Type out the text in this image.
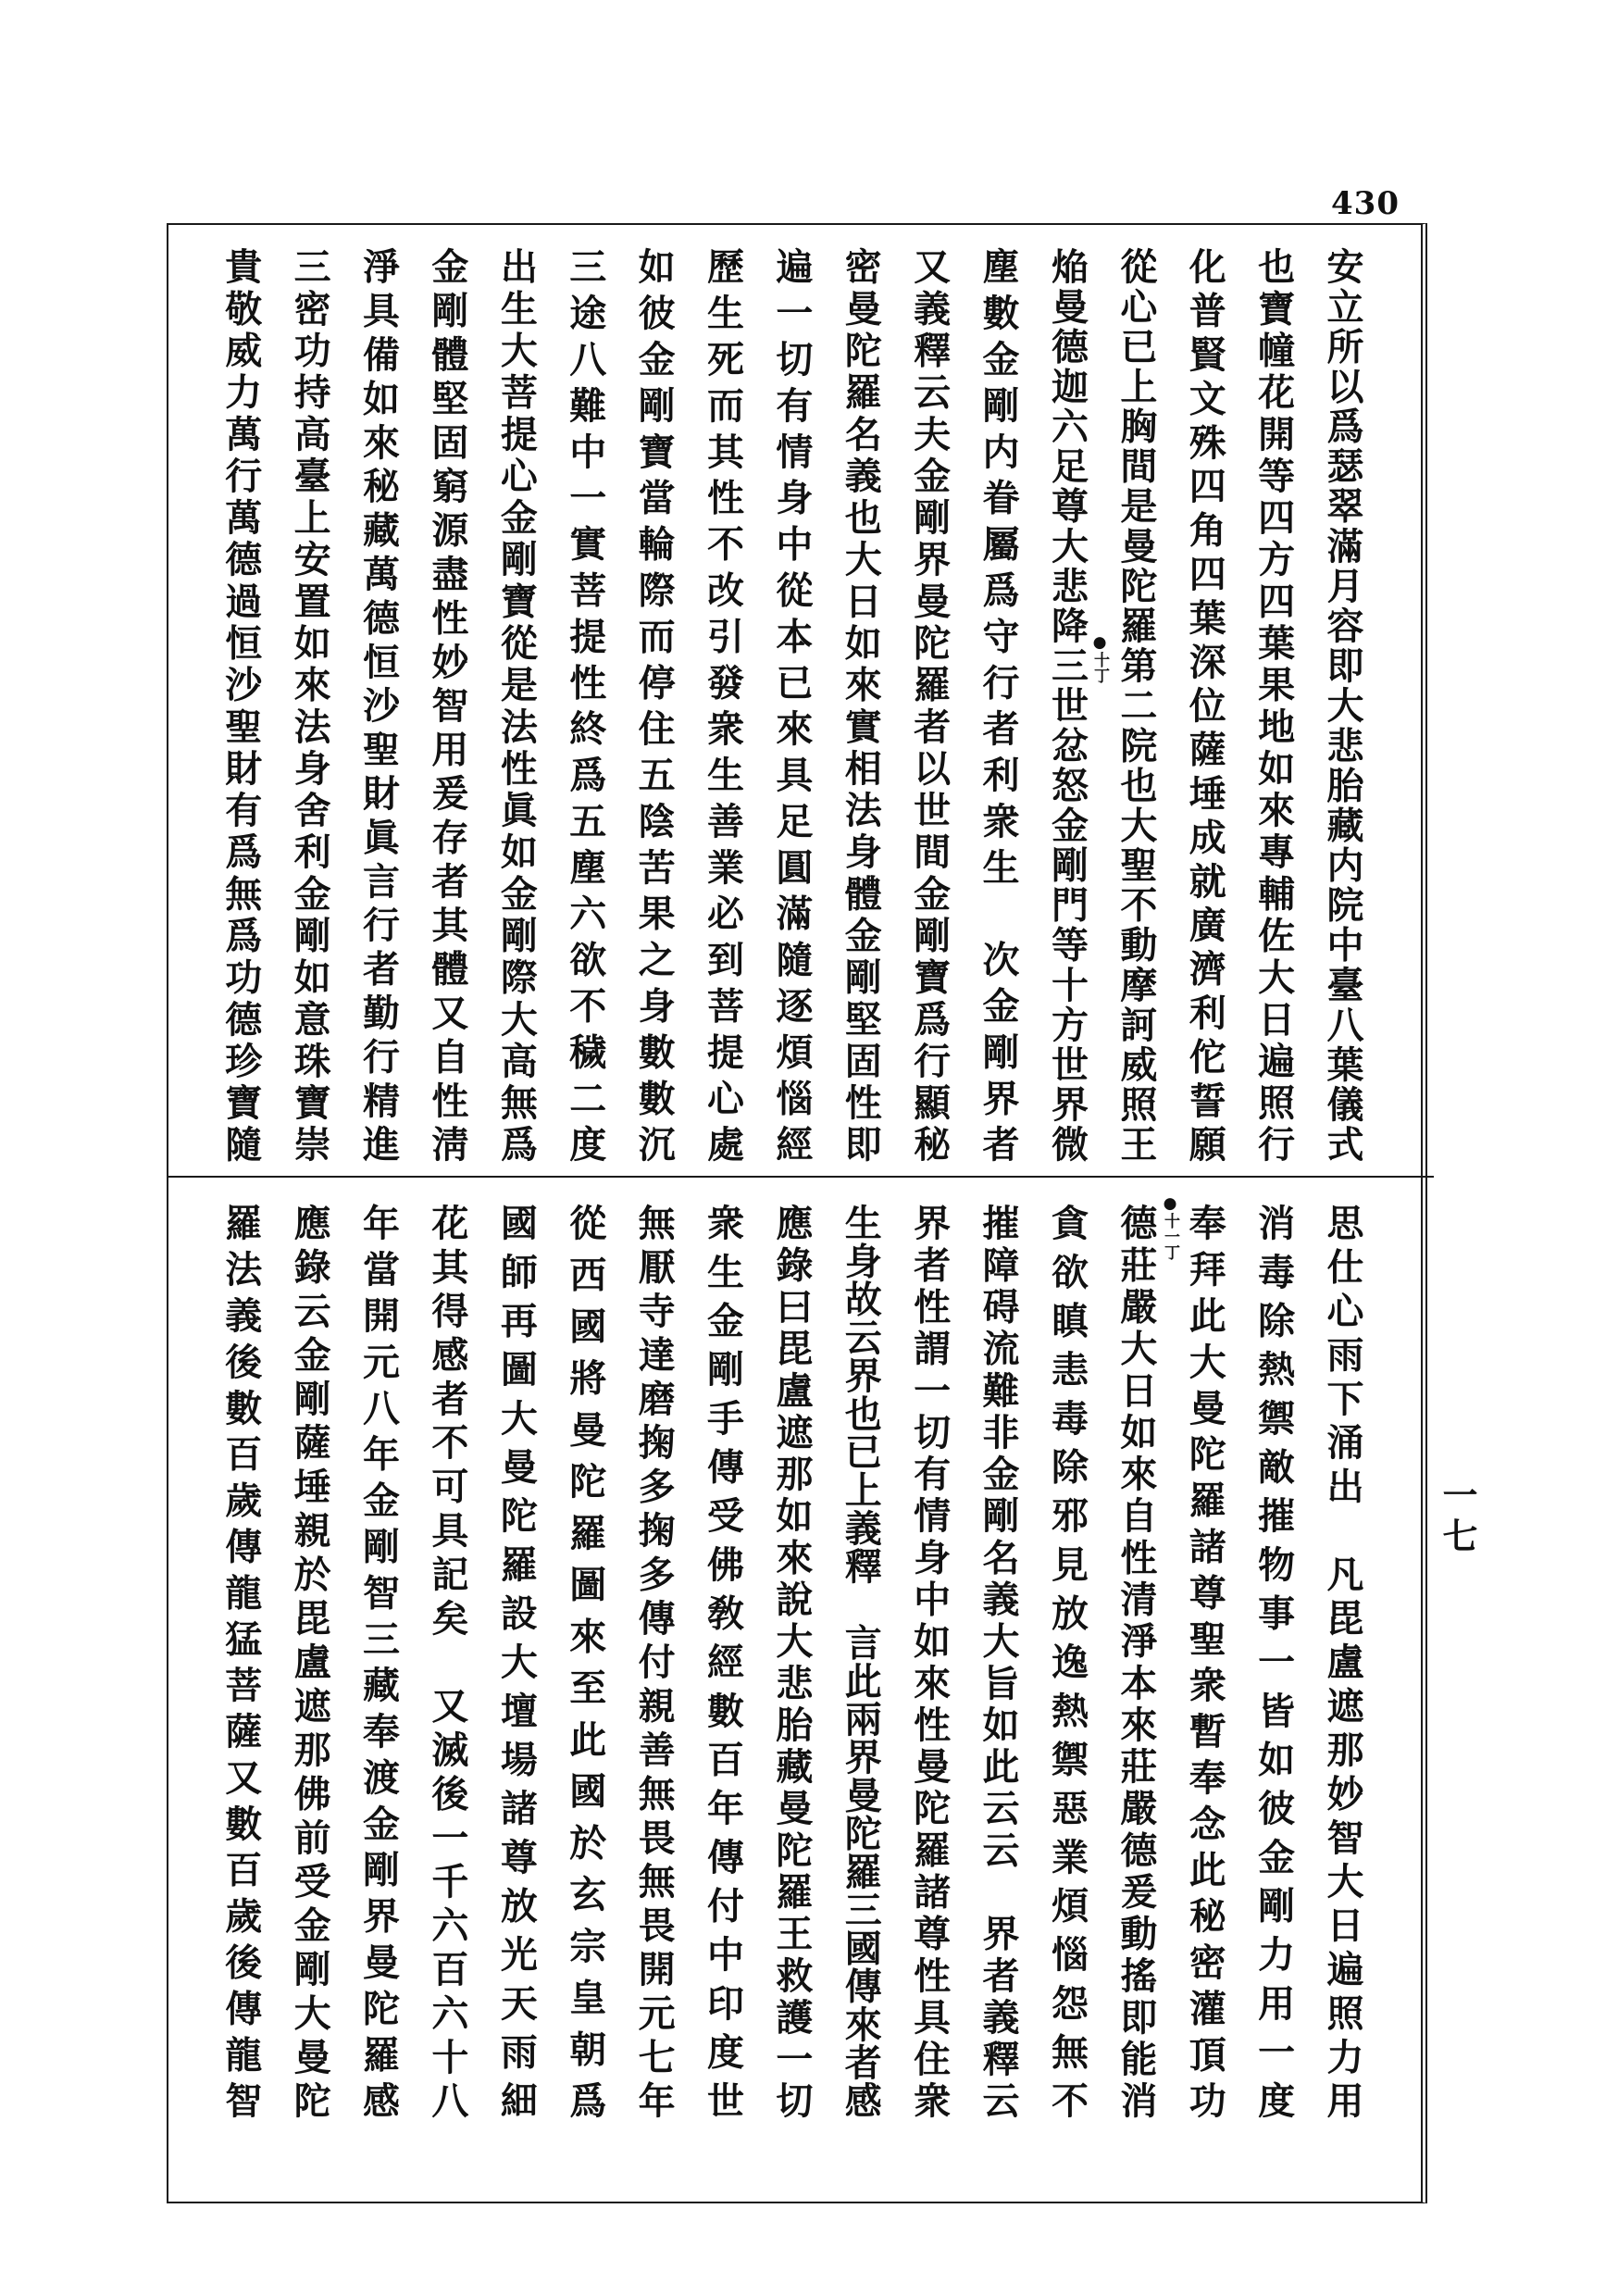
430
安立所以爲瑟翠滿月容即大悲胎藏内院中臺八葉儀式
也寶幢花開等四方四葉果地如來專輔佐大日遍照行
化普賢文殊四角四葉深位薩埵成就廣濟利佗誓願
從心已上胸間是曼陀羅第二院也大聖不動摩訶威照王
焔曼德迦六足尊大悲降三世忿怒金剛門等十方世界微
塵數金剛内眷屬爲守行者利衆生　次金剛界者
又義釋云夫金剛界曼陀羅者以世間金剛寶爲行顯秘
密曼陀羅名義也大日如來實相法身體金剛堅固性即
遍一切有情身中從本已來具足圓滿隨逐煩惱經
歷生死而其性不改引發衆生善業必到菩提心處
如彼金剛寶當輪際而停住五陰苦果之身數數沉
三途八難中一實菩提性終爲五塵六欲不穢二度
出生大菩提心金剛寶從是法性眞如金剛際大高無爲
金剛體堅固窮源盡性妙智用爰存者其體又自性淸
淨具備如來秘藏萬德恒沙聖財眞言行者勤行精進
三密功持高臺上安置如來法身舍利金剛如意珠寶崇
貴敬威力萬行萬德過恒沙聖財有爲無爲功德珍寶隨	●十丁
思仕心雨下涌出　凡毘盧遮那妙智大日遍照力用
消毒除熱禦敵摧物事一皆如彼金剛力用一度
奉拜此大曼陀羅諸尊聖衆暫奉念此秘密灌頂功
德莊嚴大日如來自性清淨本來莊嚴德爰動搖即能消
貪欲瞋恚毒除邪見放逸熱禦惡業煩惱怨無不
摧障碍流難非金剛名義大旨如此云云　界者義釋云
界者性謂一切有情身中如來性曼陀羅諸尊性具住衆
生身故云界也已上義釋　言此兩界曼陀羅三國傳來者感
應錄曰毘盧遮那如來說大悲胎藏曼陀羅王救護一切
衆生金剛手傳受佛敎經數百年傳付中印度世
無厭寺達磨掬多掬多傳付親善無畏無畏開元七年
從西國將曼陀羅圖來至此國於玄宗皇朝爲
國師再圖大曼陀羅設大壇場諸尊放光天雨細
花其得感者不可具記矣　又滅後一千六百六十八
年當開元八年金剛智三藏奉渡金剛界曼陀羅感
應錄云金剛薩埵親於毘盧遮那佛前受金剛大曼陀
羅法義後數百歲傳龍猛菩薩又數百歲後傳龍智	●十一丁
一七
